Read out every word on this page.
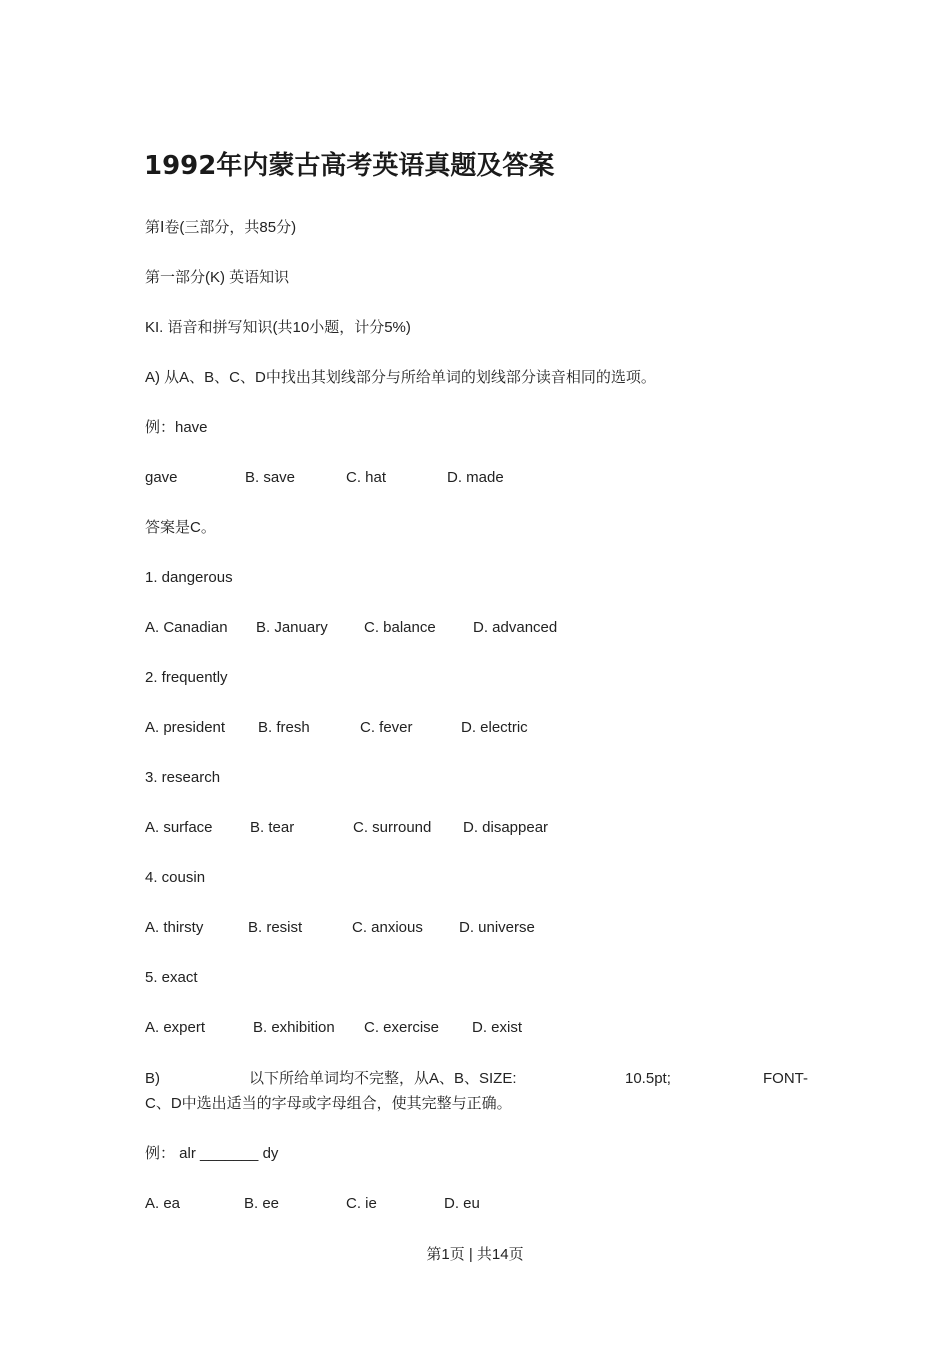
1992年内蒙古高考英语真题及答案
第Ⅰ卷(三部分，共85分)
第一部分(K) 英语知识
KI. 语音和拼写知识(共10小题，计分5%)
A) 从A、B、C、D中找出其划线部分与所给单词的划线部分读音相同的选项。
例：have
gave	B. save	C. hat	D. made
答案是C。
1. dangerous
A. Canadian B. January C. balance D. advanced
2. frequently
A. president B. fresh	C. fever	D. electric
3. research
A. surface B. tear	C. surround D. disappear
4. cousin
A. thirsty	B. resist	C. anxious D. universe
5. exact
A. expert	B. exhibition C. exercise D. exist
B)	以下所给单词均不完整，从A、B、SIZE:	10.5pt;	FONT-
C、D中选出适当的字母或字母组合，使其完整与正确。
例： alr _______ dy
A. ea	B. ee	C. ie	D. eu
第1页 | 共14页
